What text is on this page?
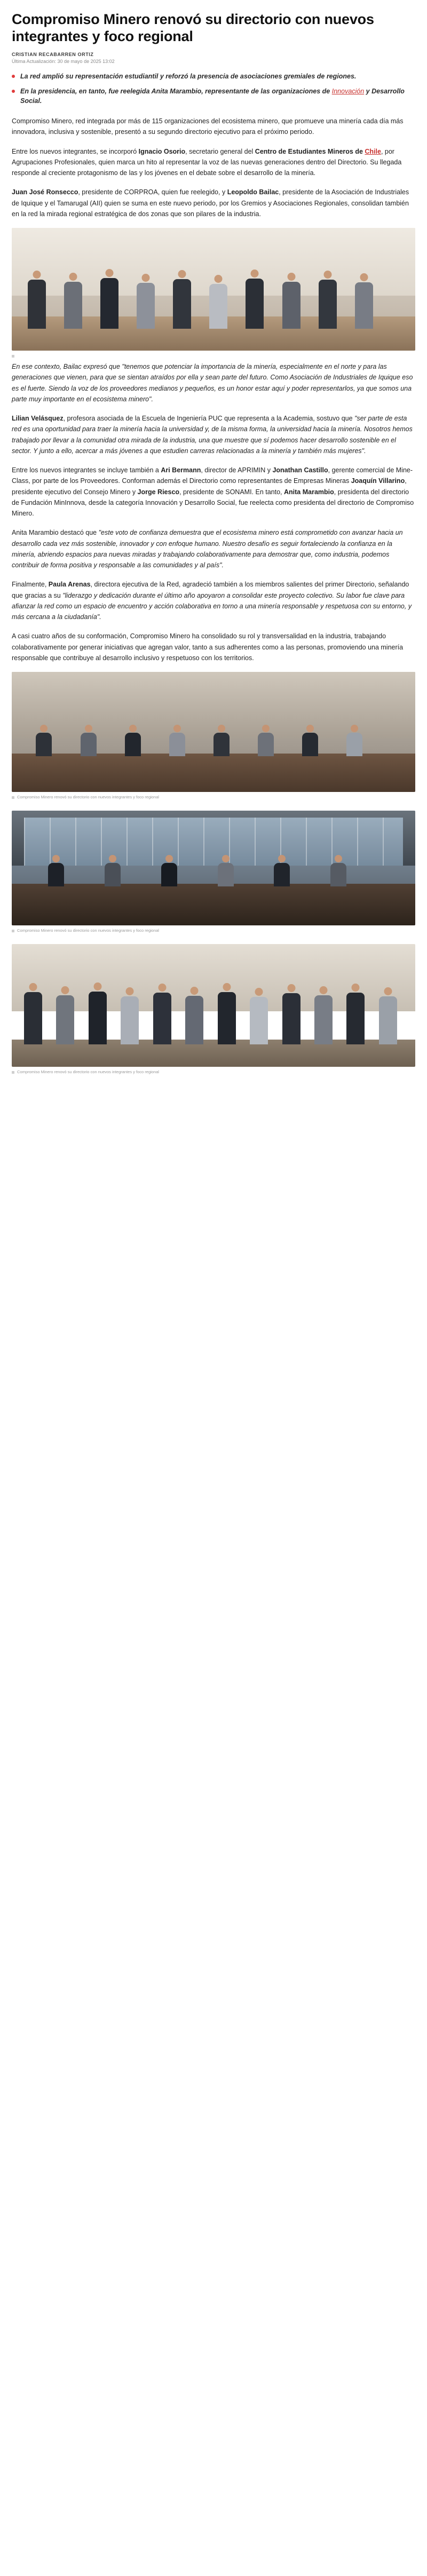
Compromiso Minero renovó su directorio con nuevos integrantes y foco regional
CRISTIAN RECABARREN ORTIZ
Última Actualización: 30 de mayo de 2025 13:02
La red amplió su representación estudiantil y reforzó la presencia de asociaciones gremiales de regiones.
En la presidencia, en tanto, fue reelegida Anita Marambio, representante de las organizaciones de Innovación y Desarrollo Social.

Compromiso Minero, red integrada por más de 115 organizaciones del ecosistema minero, que promueve una minería cada día más innovadora, inclusiva y sostenible, presentó a su segundo directorio ejecutivo para el próximo periodo.

Entre los nuevos integrantes, se incorporó Ignacio Osorio, secretario general del Centro de Estudiantes Mineros de Chile, por Agrupaciones Profesionales, quien marca un hito al representar la voz de las nuevas generaciones dentro del Directorio. Su llegada responde al creciente protagonismo de las y los jóvenes en el debate sobre el desarrollo de la minería.

Juan José Ronsecco, presidente de CORPROA, quien fue reelegido, y Leopoldo Bailac, presidente de la Asociación de Industriales de Iquique y el Tamarugal (AII) quien se suma en este nuevo periodo, por los Gremios y Asociaciones Regionales, consolidan también en la red la mirada regional estratégica de dos zonas que son pilares de la industria.

En ese contexto, Bailac expresó que "tenemos que potenciar la importancia de la minería, especialmente en el norte y para las generaciones que vienen, para que se sientan atraídos por ella y sean parte del futuro. Como Asociación de Industriales de Iquique eso es el fuerte. Siendo la voz de los proveedores medianos y pequeños, es un honor estar aquí y poder representarlos, ya que somos una parte muy importante en el ecosistema minero".

Lilian Velásquez, profesora asociada de la Escuela de Ingeniería PUC que representa a la Academia, sostuvo que "ser parte de esta red es una oportunidad para traer la minería hacia la universidad y, de la misma forma, la universidad hacia la minería. Nosotros hemos trabajado por llevar a la comunidad otra mirada de la industria, una que muestre que sí podemos hacer desarrollo sostenible en el sector. Y junto a ello, acercar a más jóvenes a que estudien carreras relacionadas a la minería y también más mujeres".

Entre los nuevos integrantes se incluye también a Ari Bermann, director de APRIMIN y Jonathan Castillo, gerente comercial de Mine-Class, por parte de los Proveedores. Conforman además el Directorio como representantes de Empresas Mineras Joaquín Villarino, presidente ejecutivo del Consejo Minero y Jorge Riesco, presidente de SONAMI. En tanto, Anita Marambio, presidenta del directorio de Fundación MinInnova, desde la categoría Innovación y Desarrollo Social, fue reelecta como presidenta del directorio de Compromiso Minero.

Anita Marambio destacó que "este voto de confianza demuestra que el ecosistema minero está comprometido con avanzar hacia un desarrollo cada vez más sostenible, innovador y con enfoque humano. Nuestro desafío es seguir fortaleciendo la confianza en la minería, abriendo espacios para nuevas miradas y trabajando colaborativamente para demostrar que, como industria, podemos contribuir de forma positiva y responsable a las comunidades y al país".

Finalmente, Paula Arenas, directora ejecutiva de la Red, agradeció también a los miembros salientes del primer Directorio, señalando que gracias a su "liderazgo y dedicación durante el último año apoyaron a consolidar este proyecto colectivo. Su labor fue clave para afianzar la red como un espacio de encuentro y acción colaborativa en torno a una minería responsable y respetuosa con su entorno, y más cercana a la ciudadanía".

A casi cuatro años de su conformación, Compromiso Minero ha consolidado su rol y transversalidad en la industria, trabajando colaborativamente por generar iniciativas que agregan valor, tanto a sus adherentes como a las personas, promoviendo una minería responsable que contribuye al desarrollo inclusivo y respetuoso con los territorios.

Compromiso Minero renovó su directorio con nuevos integrantes y foco regional
Compromiso Minero renovó su directorio con nuevos integrantes y foco regional
Compromiso Minero renovó su directorio con nuevos integrantes y foco regional
